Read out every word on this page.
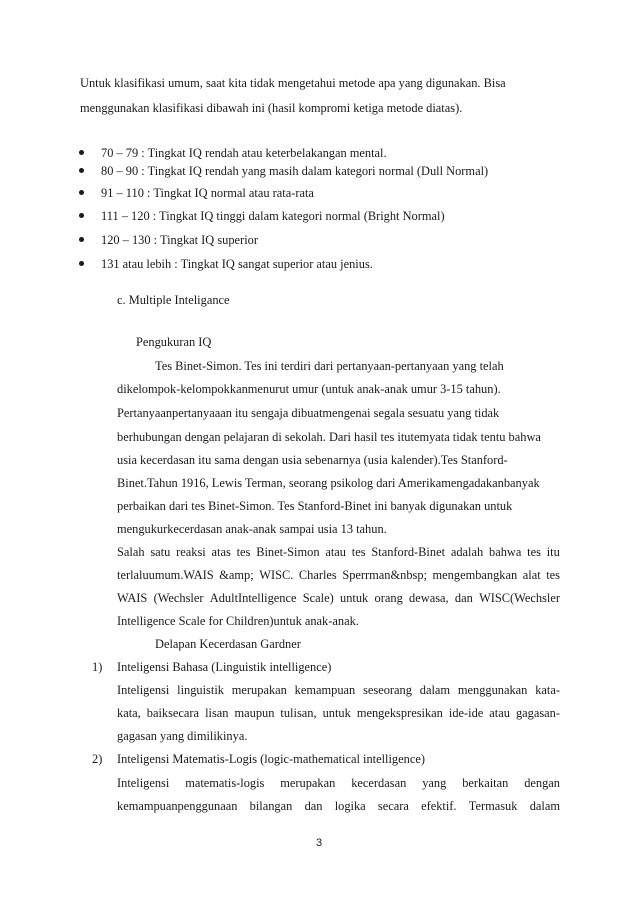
Untuk klasifikasi umum, saat kita tidak mengetahui metode apa yang digunakan. Bisa
menggunakan klasifikasi dibawah ini (hasil kompromi ketiga metode diatas).
70 – 79 : Tingkat IQ rendah atau keterbelakangan mental.
80 – 90 : Tingkat IQ rendah yang masih dalam kategori normal (Dull Normal)
91 – 110 : Tingkat IQ normal atau rata-rata
111 – 120 : Tingkat IQ tinggi dalam kategori normal (Bright Normal)
120 – 130 : Tingkat IQ superior
131 atau lebih : Tingkat IQ sangat superior atau jenius.
c. Multiple Inteligance
Pengukuran IQ
Tes Binet-Simon. Tes ini terdiri dari pertanyaan-pertanyaan yang telah
dikelompok-kelompokkanmenurut umur (untuk anak-anak umur 3-15 tahun).
Pertanyaanpertanyaaan itu sengaja dibuatmengenai segala sesuatu yang tidak
berhubungan dengan pelajaran di sekolah. Dari hasil tes itutemyata tidak tentu bahwa
usia kecerdasan itu sama dengan usia sebenarnya (usia kalender).Tes Stanford-
Binet.Tahun 1916, Lewis Terman, seorang psikolog dari Amerikamengadakanbanyak
perbaikan dari tes Binet-Simon. Tes Stanford-Binet ini banyak digunakan untuk
mengukurkecerdasan anak-anak sampai usia 13 tahun.
Salah satu reaksi atas tes Binet-Simon atau tes Stanford-Binet adalah bahwa tes itu
terlaluumum.WAIS &amp; WISC. Charles Sperrman&nbsp; mengembangkan alat tes
WAIS (Wechsler AdultIntelligence Scale) untuk orang dewasa, dan WISC(Wechsler
Intelligence Scale for Children)untuk anak-anak.
Delapan Kecerdasan Gardner
1) Inteligensi Bahasa (Linguistik intelligence)
Inteligensi linguistik merupakan kemampuan seseorang dalam menggunakan kata-
kata, baiksecara lisan maupun tulisan, untuk mengekspresikan ide-ide atau gagasan-
gagasan yang dimilikinya.
2) Inteligensi Matematis-Logis (logic-mathematical intelligence)
Inteligensi matematis-logis merupakan kecerdasan yang berkaitan dengan
kemampuanpenggunaan bilangan dan logika secara efektif. Termasuk dalam
3
